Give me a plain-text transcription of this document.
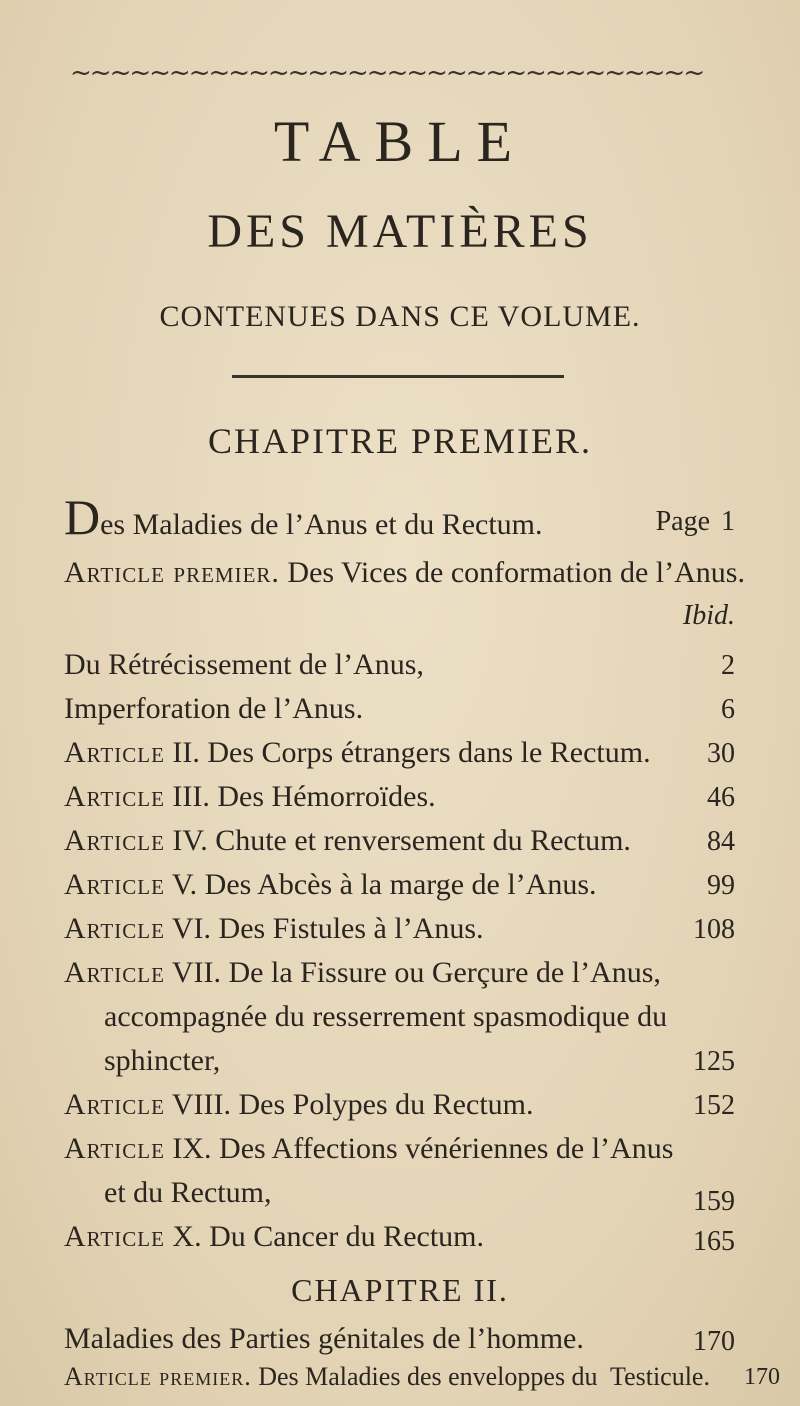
~~~~~~~~~~~~~~~~~~~~~~~~~~~~~~~~
TABLE
DES MATIÈRES
CONTENUES DANS CE VOLUME.
CHAPITRE PREMIER.
Des Maladies de l’Anus et du Rectum.	Page 1
Article premier. Des Vices de conformation de l’Anus.
Ibid.
Du Rétrécissement de l’Anus,	2
Imperforation de l’Anus.	6
Article II. Des Corps étrangers dans le Rectum. 30
Article III. Des Hémorroïdes.	46
Article IV. Chute et renversement du Rectum.	84
Article V. Des Abcès à la marge de l’Anus.	99
Article VI. Des Fistules à l’Anus.	108
Article VII. De la Fissure ou Gerçure de l’Anus,
accompagnée du resserrement spasmodique du
sphincter,	125
Article VIII. Des Polypes du Rectum.	152
Article IX. Des Affections vénériennes de l’Anus
et du Rectum,	159
Article X. Du Cancer du Rectum.	165
CHAPITRE II.
Maladies des Parties génitales de l’homme.	170
Article premier. Des Maladies des enveloppes du Testicule. 170
